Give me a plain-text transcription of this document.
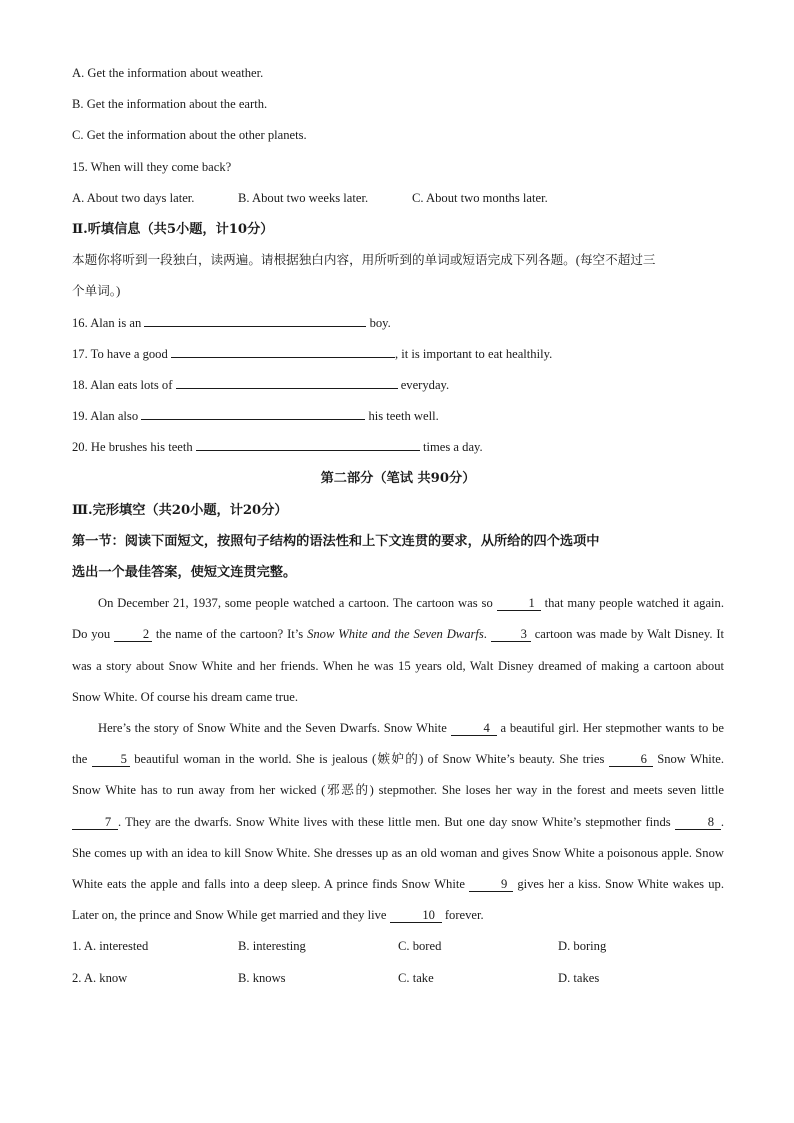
A. Get the information about weather.
B. Get the information about the earth.
C. Get the information about the other planets.
15. When will they come back?
A. About two days later.	B. About two weeks later.	C. About two months later.
Ⅱ.听填信息（共5小题，计10分）
本题你将听到一段独白，读两遍。请根据独白内容，用所听到的单词或短语完成下列各题。(每空不超过三
个单词。)
16. Alan is an	boy.
17. To have a good	, it is important to eat healthily.
18. Alan eats lots of	everyday.
19. Alan also	his teeth well.
20. He brushes his teeth	times a day.
第二部分（笔试 共90分）
Ⅲ.完形填空（共20小题，计20分）
第一节：阅读下面短文，按照句子结构的语法性和上下文连贯的要求，从所给的四个选项中
选出一个最佳答案，使短文连贯完整。
On December 21, 1937, some people watched a cartoon. The cartoon was so	1 that many people watched it again. Do you	2 the name of the cartoon? It’s Snow White and the Seven Dwarfs.	3 cartoon was made by Walt Disney. It was a story about Snow White and her friends. When he was 15 years old, Walt Disney dreamed of making a cartoon about Snow White. Of course his dream came true.
Here’s the story of Snow White and the Seven Dwarfs. Snow White	4 a beautiful girl. Her stepmother wants to be the	5 beautiful woman in the world. She is jealous (嫉妒的) of Snow White’s beauty. She tries	6 Snow White. Snow White has to run away from her wicked (邪恶的) stepmother. She loses her way in the forest and meets seven little 7 . They are the dwarfs. Snow White lives with these little men. But one day snow White’s stepmother finds	8 . She comes up with an idea to kill Snow White. She dresses up as an old woman and gives Snow White a poisonous apple. Snow White eats the apple and falls into a deep sleep. A prince finds Snow White	9 gives her a kiss. Snow White wakes up. Later on, the prince and Snow While get married and they live	10 forever.
1. A. interested	B. interesting	C. bored	D. boring
2. A. know	B. knows	C. take	D. takes
